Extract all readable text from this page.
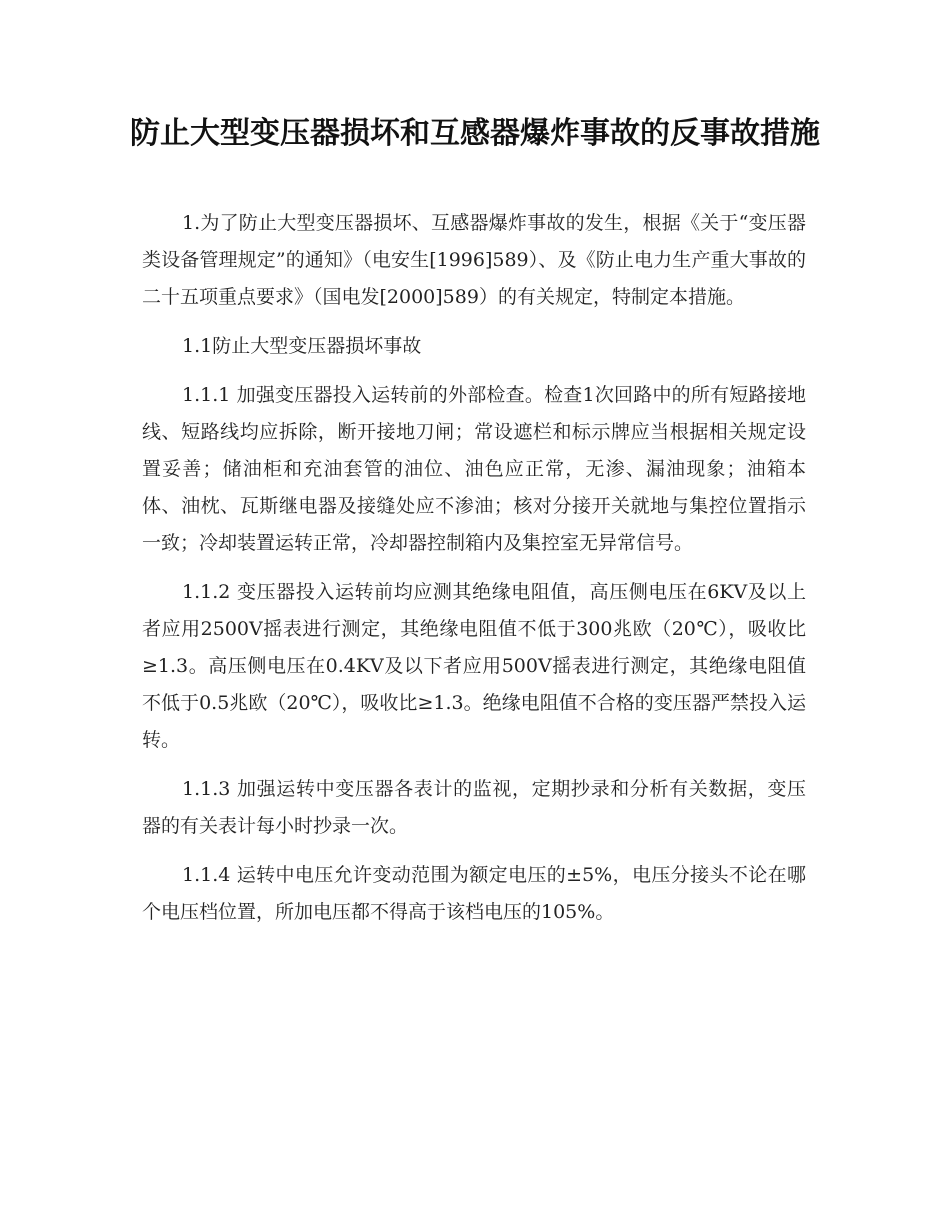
防止大型变压器损坏和互感器爆炸事故的反事故措施

1.为了防止大型变压器损坏、互感器爆炸事故的发生，根据《关于“变压器类设备管理规定”的通知》（电安生[1996]589）、及《防止电力生产重大事故的二十五项重点要求》（国电发[2000]589）的有关规定，特制定本措施。

1.1防止大型变压器损坏事故

1.1.1 加强变压器投入运转前的外部检查。检查1次回路中的所有短路接地线、短路线均应拆除，断开接地刀闸；常设遮栏和标示牌应当根据相关规定设置妥善；储油柜和充油套管的油位、油色应正常，无渗、漏油现象；油箱本体、油枕、瓦斯继电器及接缝处应不渗油；核对分接开关就地与集控位置指示一致；冷却装置运转正常，冷却器控制箱内及集控室无异常信号。

1.1.2 变压器投入运转前均应测其绝缘电阻值，高压侧电压在6KV及以上者应用2500V摇表进行测定，其绝缘电阻值不低于300兆欧（20℃），吸收比≥1.3。高压侧电压在0.4KV及以下者应用500V摇表进行测定，其绝缘电阻值不低于0.5兆欧（20℃），吸收比≥1.3。绝缘电阻值不合格的变压器严禁投入运转。

1.1.3 加强运转中变压器各表计的监视，定期抄录和分析有关数据，变压器的有关表计每小时抄录一次。

1.1.4 运转中电压允许变动范围为额定电压的±5%，电压分接头不论在哪个电压档位置，所加电压都不得高于该档电压的105%。
